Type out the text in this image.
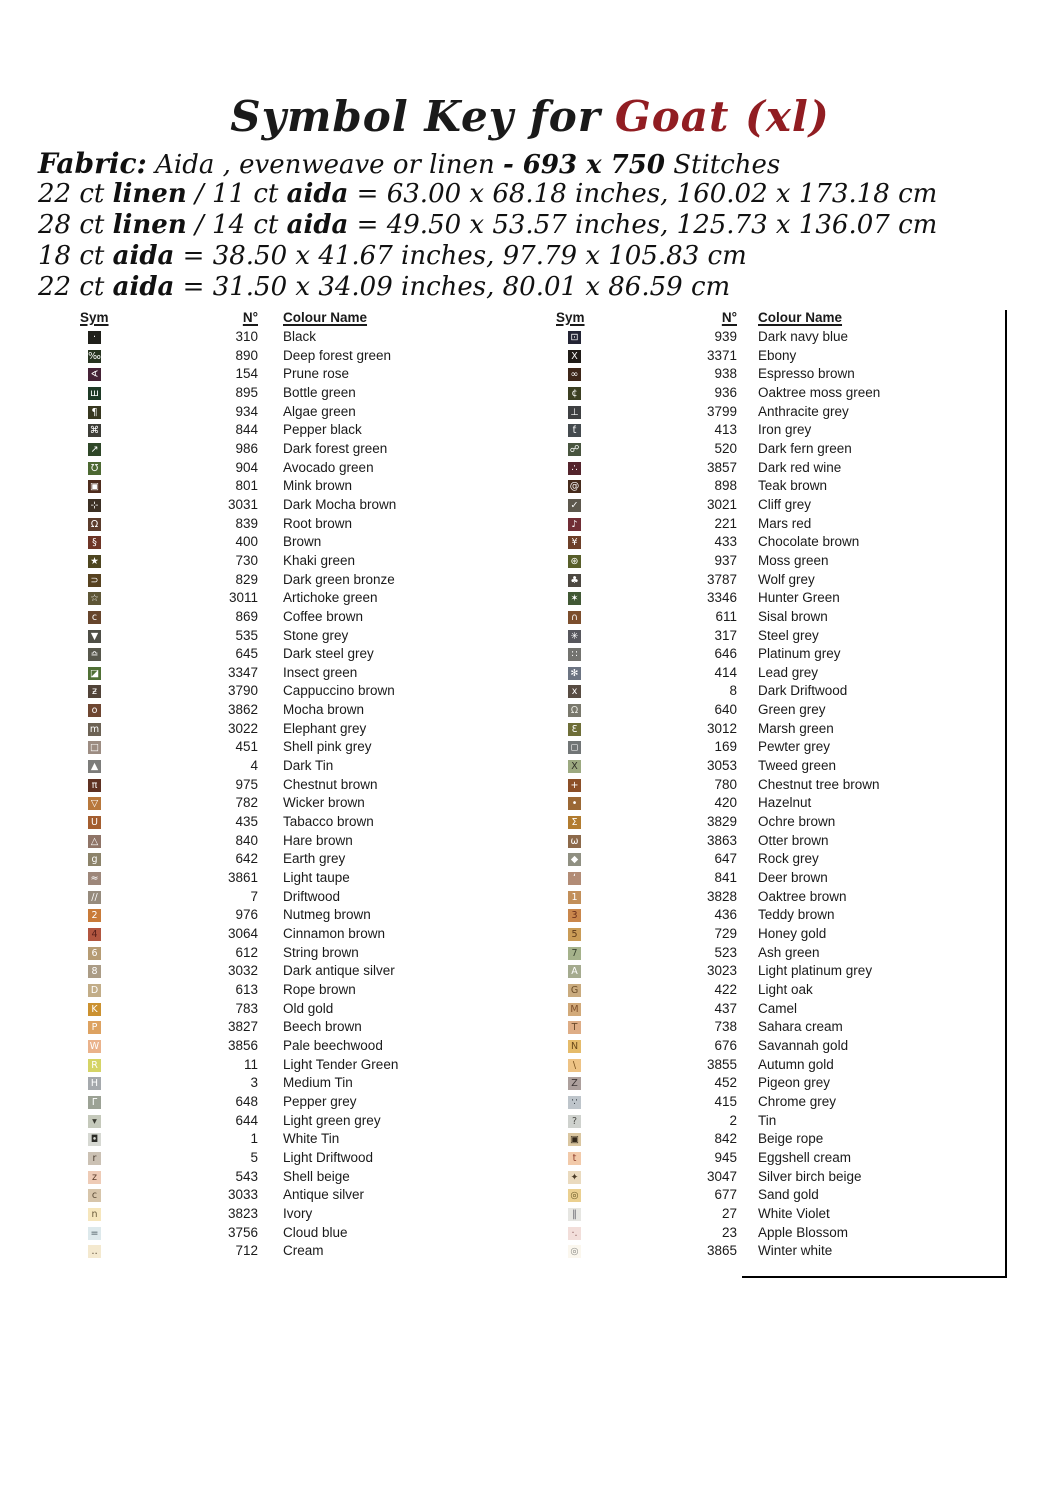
Symbol Key for Goat (xl)
Fabric: Aida , evenweave or linen - 693 x 750 Stitches
22 ct linen / 11 ct aida = 63.00 x 68.18 inches, 160.02 x 173.18 cm
28 ct linen / 14 ct aida = 49.50 x 53.57 inches, 125.73 x 136.07 cm
18 ct aida = 38.50 x 41.67 inches, 97.79 x 105.83 cm
22 ct aida = 31.50 x 34.09 inches, 80.01 x 86.59 cm
Sym	N° Colour Name
·	310 Black
‰	890 Deep forest green
∢	154 Prune rose
ш	895 Bottle green
¶	934 Algae green
⌘	844 Pepper black
↗	986 Dark forest green
℧	904 Avocado green
▣	801 Mink brown
⊹	3031 Dark Mocha brown
Ω	839 Root brown
§	400 Brown
★	730 Khaki green
⊃	829 Dark green bronze
☆	3011 Artichoke green
c	869 Coffee brown
▼	535 Stone grey
≏	645 Dark steel grey
◪	3347 Insect green
ƶ	3790 Cappuccino brown
o	3862 Mocha brown
m	3022 Elephant grey
□	451 Shell pink grey
▲	4 Dark Tin
π	975 Chestnut brown
▽	782 Wicker brown
U	435 Tabacco brown
△	840 Hare brown
g	642 Earth grey
≈	3861 Light taupe
∕∕	7 Driftwood
2	976 Nutmeg brown
4	3064 Cinnamon brown
6	612 String brown
8	3032 Dark antique silver
D	613 Rope brown
K	783 Old gold
P	3827 Beech brown
W	3856 Pale beechwood
R	11 Light Tender Green
H	3 Medium Tin
Γ	648 Pepper grey
▾	644 Light green grey
◘	1 White Tin
r	5 Light Driftwood
z	543 Shell beige
c	3033 Antique silver
n	3823 Ivory
=	3756 Cloud blue
‥	712 Cream
Sym	N° Colour Name
⊡	939 Dark navy blue
X	3371 Ebony
∞	938 Espresso brown
¢	936 Oaktree moss green
⊥	3799 Anthracite grey
ƭ	413 Iron grey
☍	520 Dark fern green
∴	3857 Dark red wine
@	898 Teak brown
✓	3021 Cliff grey
♪	221 Mars red
¥	433 Chocolate brown
⊛	937 Moss green
♣	3787 Wolf grey
✶	3346 Hunter Green
∩	611 Sisal brown
✳	317 Steel grey
∷	646 Platinum grey
✻	414 Lead grey
x	8 Dark Driftwood
Ω	640 Green grey
Ɛ	3012 Marsh green
◻	169 Pewter grey
X	3053 Tweed green
+	780 Chestnut tree brown
•	420 Hazelnut
Σ	3829 Ochre brown
ω	3863 Otter brown
◆	647 Rock grey
ʻ	841 Deer brown
1	3828 Oaktree brown
3	436 Teddy brown
5	729 Honey gold
7	523 Ash green
A	3023 Light platinum grey
G	422 Light oak
M	437 Camel
T	738 Sahara cream
N	676 Savannah gold
\	3855 Autumn gold
Z	452 Pigeon grey
∵	415 Chrome grey
?	2 Tin
▣	842 Beige rope
t	945 Eggshell cream
✦	3047 Silver birch beige
◎	677 Sand gold
‖	27 White Violet
·.	23 Apple Blossom
◎	3865 Winter white
